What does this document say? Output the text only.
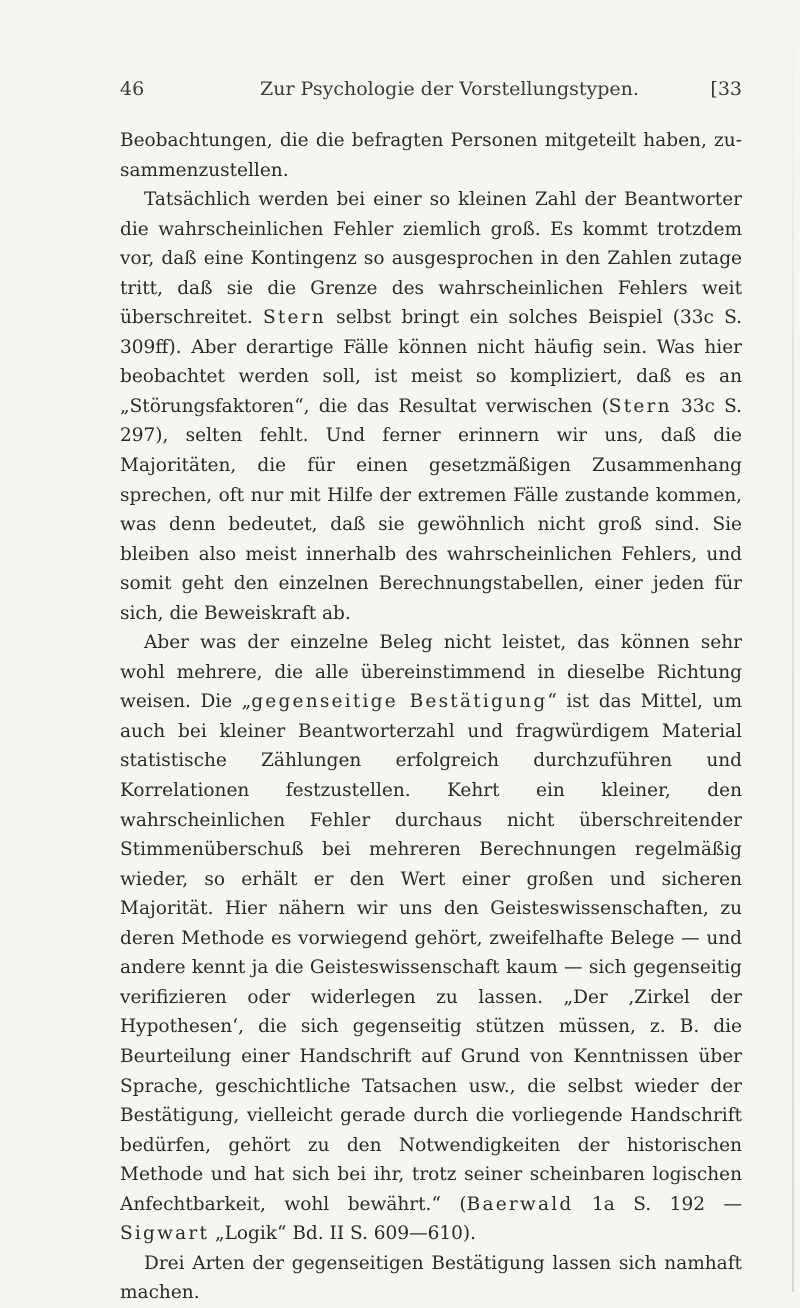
46	Zur Psychologie der Vorstellungstypen.	[33

Beobachtungen, die die befragten Personen mitgeteilt haben, zusammenzustellen.

Tatsächlich werden bei einer so kleinen Zahl der Beantworter die wahrscheinlichen Fehler ziemlich groß. Es kommt trotzdem vor, daß eine Kontingenz so ausgesprochen in den Zahlen zutage tritt, daß sie die Grenze des wahrscheinlichen Fehlers weit überschreitet. Stern selbst bringt ein solches Beispiel (33c S. 309ff). Aber derartige Fälle können nicht häufig sein. Was hier beobachtet werden soll, ist meist so kompliziert, daß es an „Störungsfaktoren“, die das Resultat verwischen (Stern 33c S. 297), selten fehlt. Und ferner erinnern wir uns, daß die Majoritäten, die für einen gesetzmäßigen Zusammenhang sprechen, oft nur mit Hilfe der extremen Fälle zustande kommen, was denn bedeutet, daß sie gewöhnlich nicht groß sind. Sie bleiben also meist innerhalb des wahrscheinlichen Fehlers, und somit geht den einzelnen Berechnungstabellen, einer jeden für sich, die Beweiskraft ab.

Aber was der einzelne Beleg nicht leistet, das können sehr wohl mehrere, die alle übereinstimmend in dieselbe Richtung weisen. Die „gegenseitige Bestätigung“ ist das Mittel, um auch bei kleiner Beantworterzahl und fragwürdigem Material statistische Zählungen erfolgreich durchzuführen und Korrelationen festzustellen. Kehrt ein kleiner, den wahrscheinlichen Fehler durchaus nicht überschreitender Stimmenüberschuß bei mehreren Berechnungen regelmäßig wieder, so erhält er den Wert einer großen und sicheren Majorität. Hier nähern wir uns den Geisteswissenschaften, zu deren Methode es vorwiegend gehört, zweifelhafte Belege — und andere kennt ja die Geisteswissenschaft kaum — sich gegenseitig verifizieren oder widerlegen zu lassen. „Der ‚Zirkel der Hypothesen‘, die sich gegenseitig stützen müssen, z. B. die Beurteilung einer Handschrift auf Grund von Kenntnissen über Sprache, geschichtliche Tatsachen usw., die selbst wieder der Bestätigung, vielleicht gerade durch die vorliegende Handschrift bedürfen, gehört zu den Notwendigkeiten der historischen Methode und hat sich bei ihr, trotz seiner scheinbaren logischen Anfechtbarkeit, wohl bewährt.“ (Baerwald 1a S. 192 — Sigwart „Logik“ Bd. II S. 609—610).

Drei Arten der gegenseitigen Bestätigung lassen sich namhaft machen.
